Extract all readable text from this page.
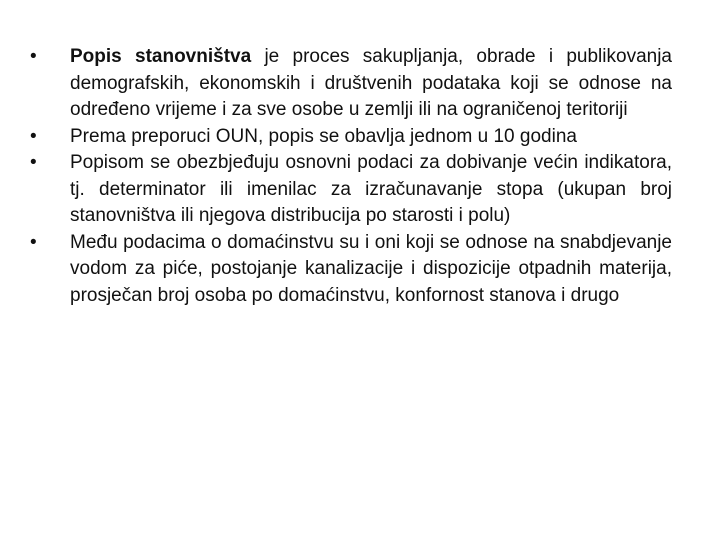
•	Popis stanovništva je proces sakupljanja, obrade i publikovanja demografskih, ekonomskih i društvenih podataka koji se odnose na određeno vrijeme i za sve osobe u zemlji ili na ograničenoj teritoriji
•	Prema preporuci OUN, popis se obavlja jednom u 10 godina
•	Popisom se obezbjeđuju osnovni podaci za dobivanje većin indikatora, tj. determinator ili imenilac za izračunavanje stopa (ukupan broj stanovništva ili njegova distribucija po starosti i polu)
•	Među podacima o domaćinstvu su i oni koji se odnose na snabdjevanje vodom za piće, postojanje kanalizacije i dispozicije otpadnih materija, prosječan broj osoba po domaćinstvu, konfornost stanova i drugo
